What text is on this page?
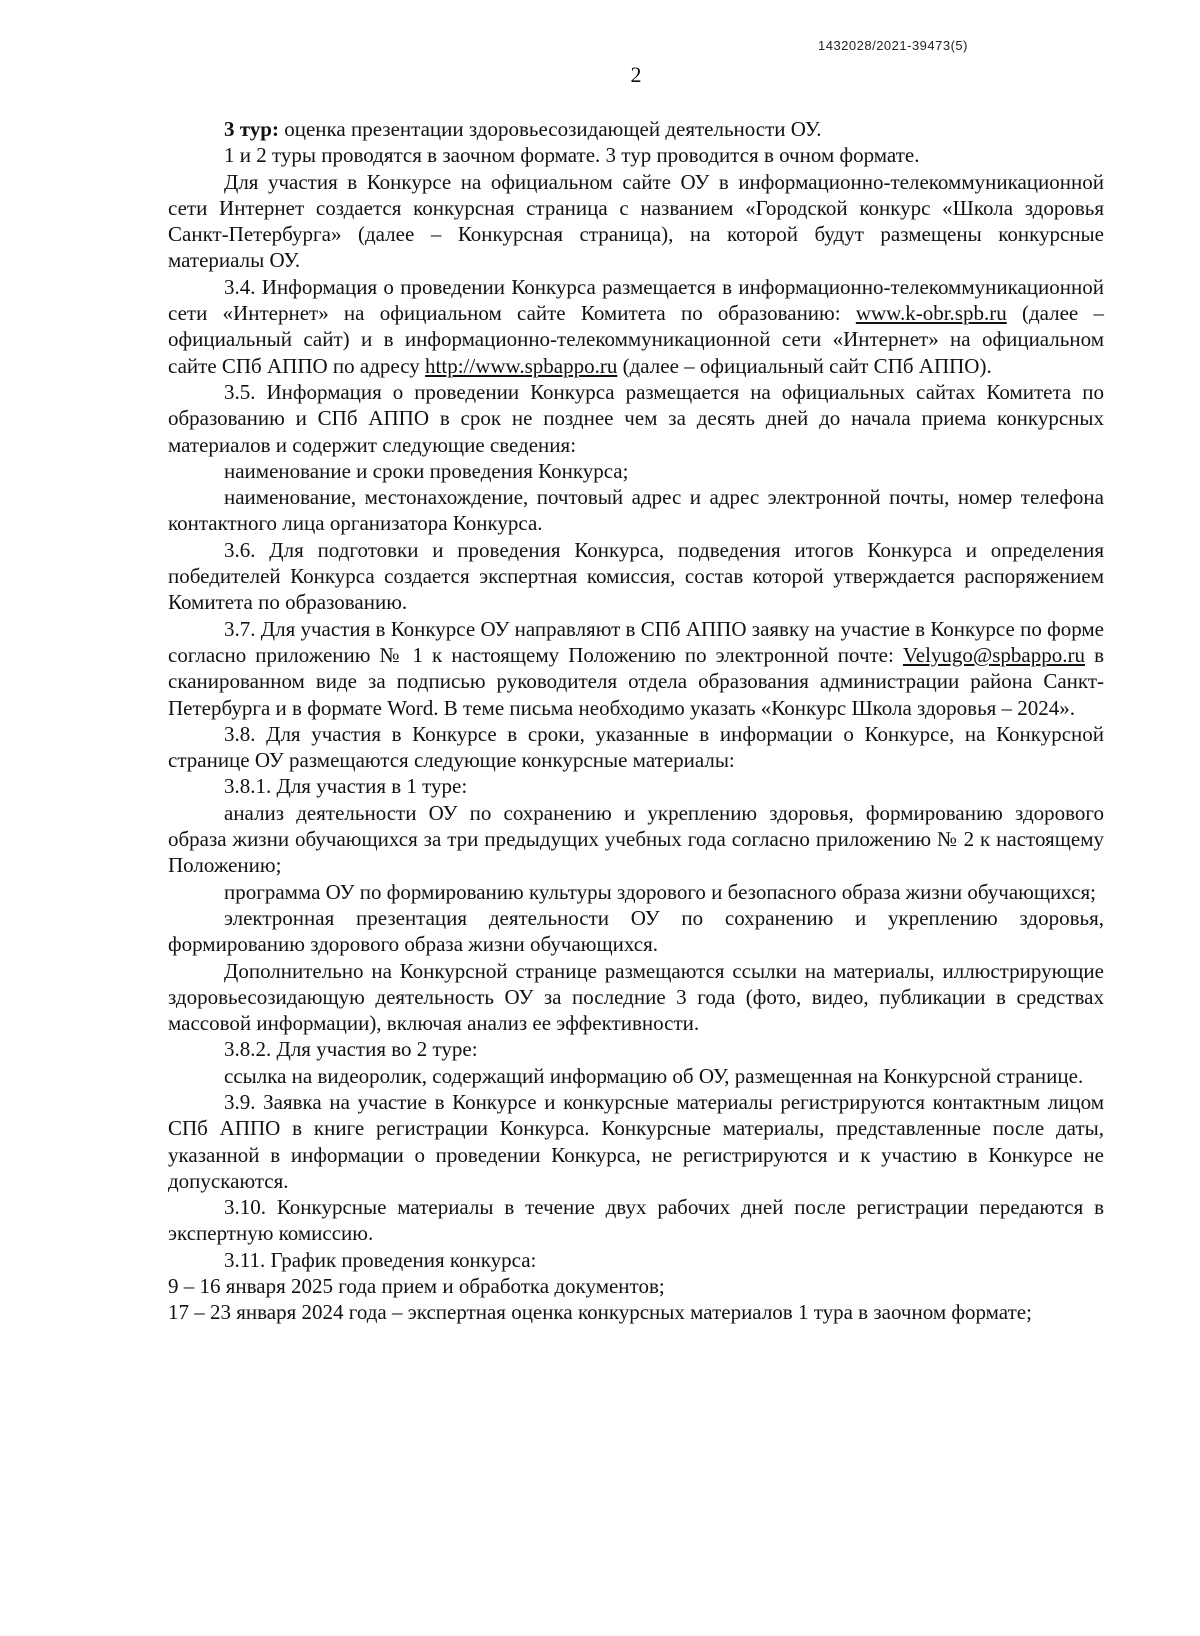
1432028/2021-39473(5)
2

3 тур: оценка презентации здоровьесозидающей деятельности ОУ.

1 и 2 туры проводятся в заочном формате. 3 тур проводится в очном формате.

Для участия в Конкурсе на официальном сайте ОУ в информационно-телекоммуникационной сети Интернет создается конкурсная страница с названием «Городской конкурс «Школа здоровья Санкт-Петербурга» (далее – Конкурсная страница), на которой будут размещены конкурсные материалы ОУ.

3.4. Информация о проведении Конкурса размещается в информационно-телекоммуникационной сети «Интернет» на официальном сайте Комитета по образованию: www.k-obr.spb.ru (далее – официальный сайт) и в информационно-телекоммуникационной сети «Интернет» на официальном сайте СПб АППО по адресу http://www.spbappo.ru (далее – официальный сайт СПб АППО).

3.5. Информация о проведении Конкурса размещается на официальных сайтах Комитета по образованию и СПб АППО в срок не позднее чем за десять дней до начала приема конкурсных материалов и содержит следующие сведения:

наименование и сроки проведения Конкурса;

наименование, местонахождение, почтовый адрес и адрес электронной почты, номер телефона контактного лица организатора Конкурса.

3.6. Для подготовки и проведения Конкурса, подведения итогов Конкурса и определения победителей Конкурса создается экспертная комиссия, состав которой утверждается распоряжением Комитета по образованию.

3.7. Для участия в Конкурсе ОУ направляют в СПб АППО заявку на участие в Конкурсе по форме согласно приложению № 1 к настоящему Положению по электронной почте: Velyugo@spbappo.ru в сканированном виде за подписью руководителя отдела образования администрации района Санкт-Петербурга и в формате Word. В теме письма необходимо указать «Конкурс Школа здоровья – 2024».

3.8. Для участия в Конкурсе в сроки, указанные в информации о Конкурсе, на Конкурсной странице ОУ размещаются следующие конкурсные материалы:

3.8.1. Для участия в 1 туре:

анализ деятельности ОУ по сохранению и укреплению здоровья, формированию здорового образа жизни обучающихся за три предыдущих учебных года согласно приложению № 2 к настоящему Положению;

программа ОУ по формированию культуры здорового и безопасного образа жизни обучающихся;

электронная презентация деятельности ОУ по сохранению и укреплению здоровья, формированию здорового образа жизни обучающихся.

Дополнительно на Конкурсной странице размещаются ссылки на материалы, иллюстрирующие здоровьесозидающую деятельность ОУ за последние 3 года (фото, видео, публикации в средствах массовой информации), включая анализ ее эффективности.

3.8.2. Для участия во 2 туре:

ссылка на видеоролик, содержащий информацию об ОУ, размещенная на Конкурсной странице.

3.9. Заявка на участие в Конкурсе и конкурсные материалы регистрируются контактным лицом СПб АППО в книге регистрации Конкурса. Конкурсные материалы, представленные после даты, указанной в информации о проведении Конкурса, не регистрируются и к участию в Конкурсе не допускаются.

3.10. Конкурсные материалы в течение двух рабочих дней после регистрации передаются в экспертную комиссию.

3.11. График проведения конкурса:

9 – 16 января 2025 года прием и обработка документов;

17 – 23 января 2024 года – экспертная оценка конкурсных материалов 1 тура в заочном формате;
